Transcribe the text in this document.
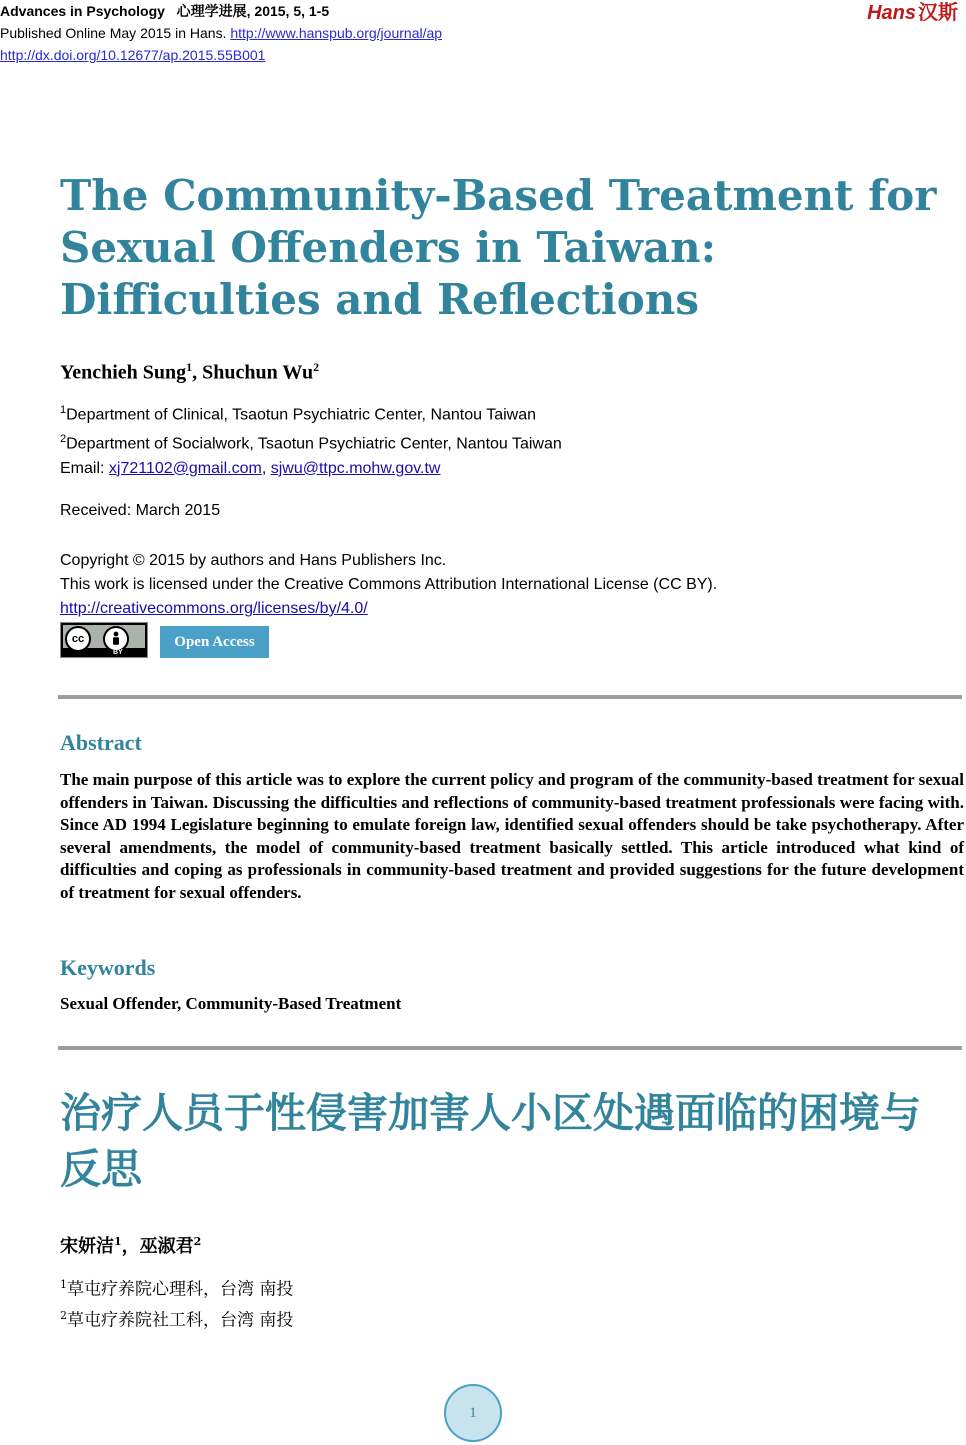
Advances in Psychology 心理学进展, 2015, 5, 1-5
Published Online May 2015 in Hans. http://www.hanspub.org/journal/ap
http://dx.doi.org/10.12677/ap.2015.55B001
Hans 汉斯
The Community-Based Treatment for Sexual Offenders in Taiwan: Difficulties and Reflections

Yenchieh Sung$^1$, Shuchun Wu$^2$

$^1$Department of Clinical, Tsaotun Psychiatric Center, Nantou Taiwan
$^2$Department of Socialwork, Tsaotun Psychiatric Center, Nantou Taiwan
Email: xj721102@gmail.com, sjwu@ttpc.mohw.gov.tw
Received: March 2015
Copyright © 2015 by authors and Hans Publishers Inc.
This work is licensed under the Creative Commons Attribution International License (CC BY).
http://creativecommons.org/licenses/by/4.0/
cc
BY
Open Access
Abstract

The main purpose of this article was to explore the current policy and program of the community-based treatment for sexual offenders in Taiwan. Discussing the difficulties and reflections of community-based treatment professionals were facing with. Since AD 1994 Legislature beginning to emulate foreign law, identified sexual offenders should be take psychotherapy. After several amendments, the model of community-based treatment basically settled. This article introduced what kind of difficulties and coping as professionals in community-based treatment and provided suggestions for the future development of treatment for sexual offenders.

Keywords

Sexual Offender, Community-Based Treatment

治疗人员于性侵害加害人小区处遇面临的困境与反思

宋妍洁$^1$，巫淑君$^2$

$^1$草屯疗养院心理科，台湾 南投
$^2$草屯疗养院社工科，台湾 南投
1
